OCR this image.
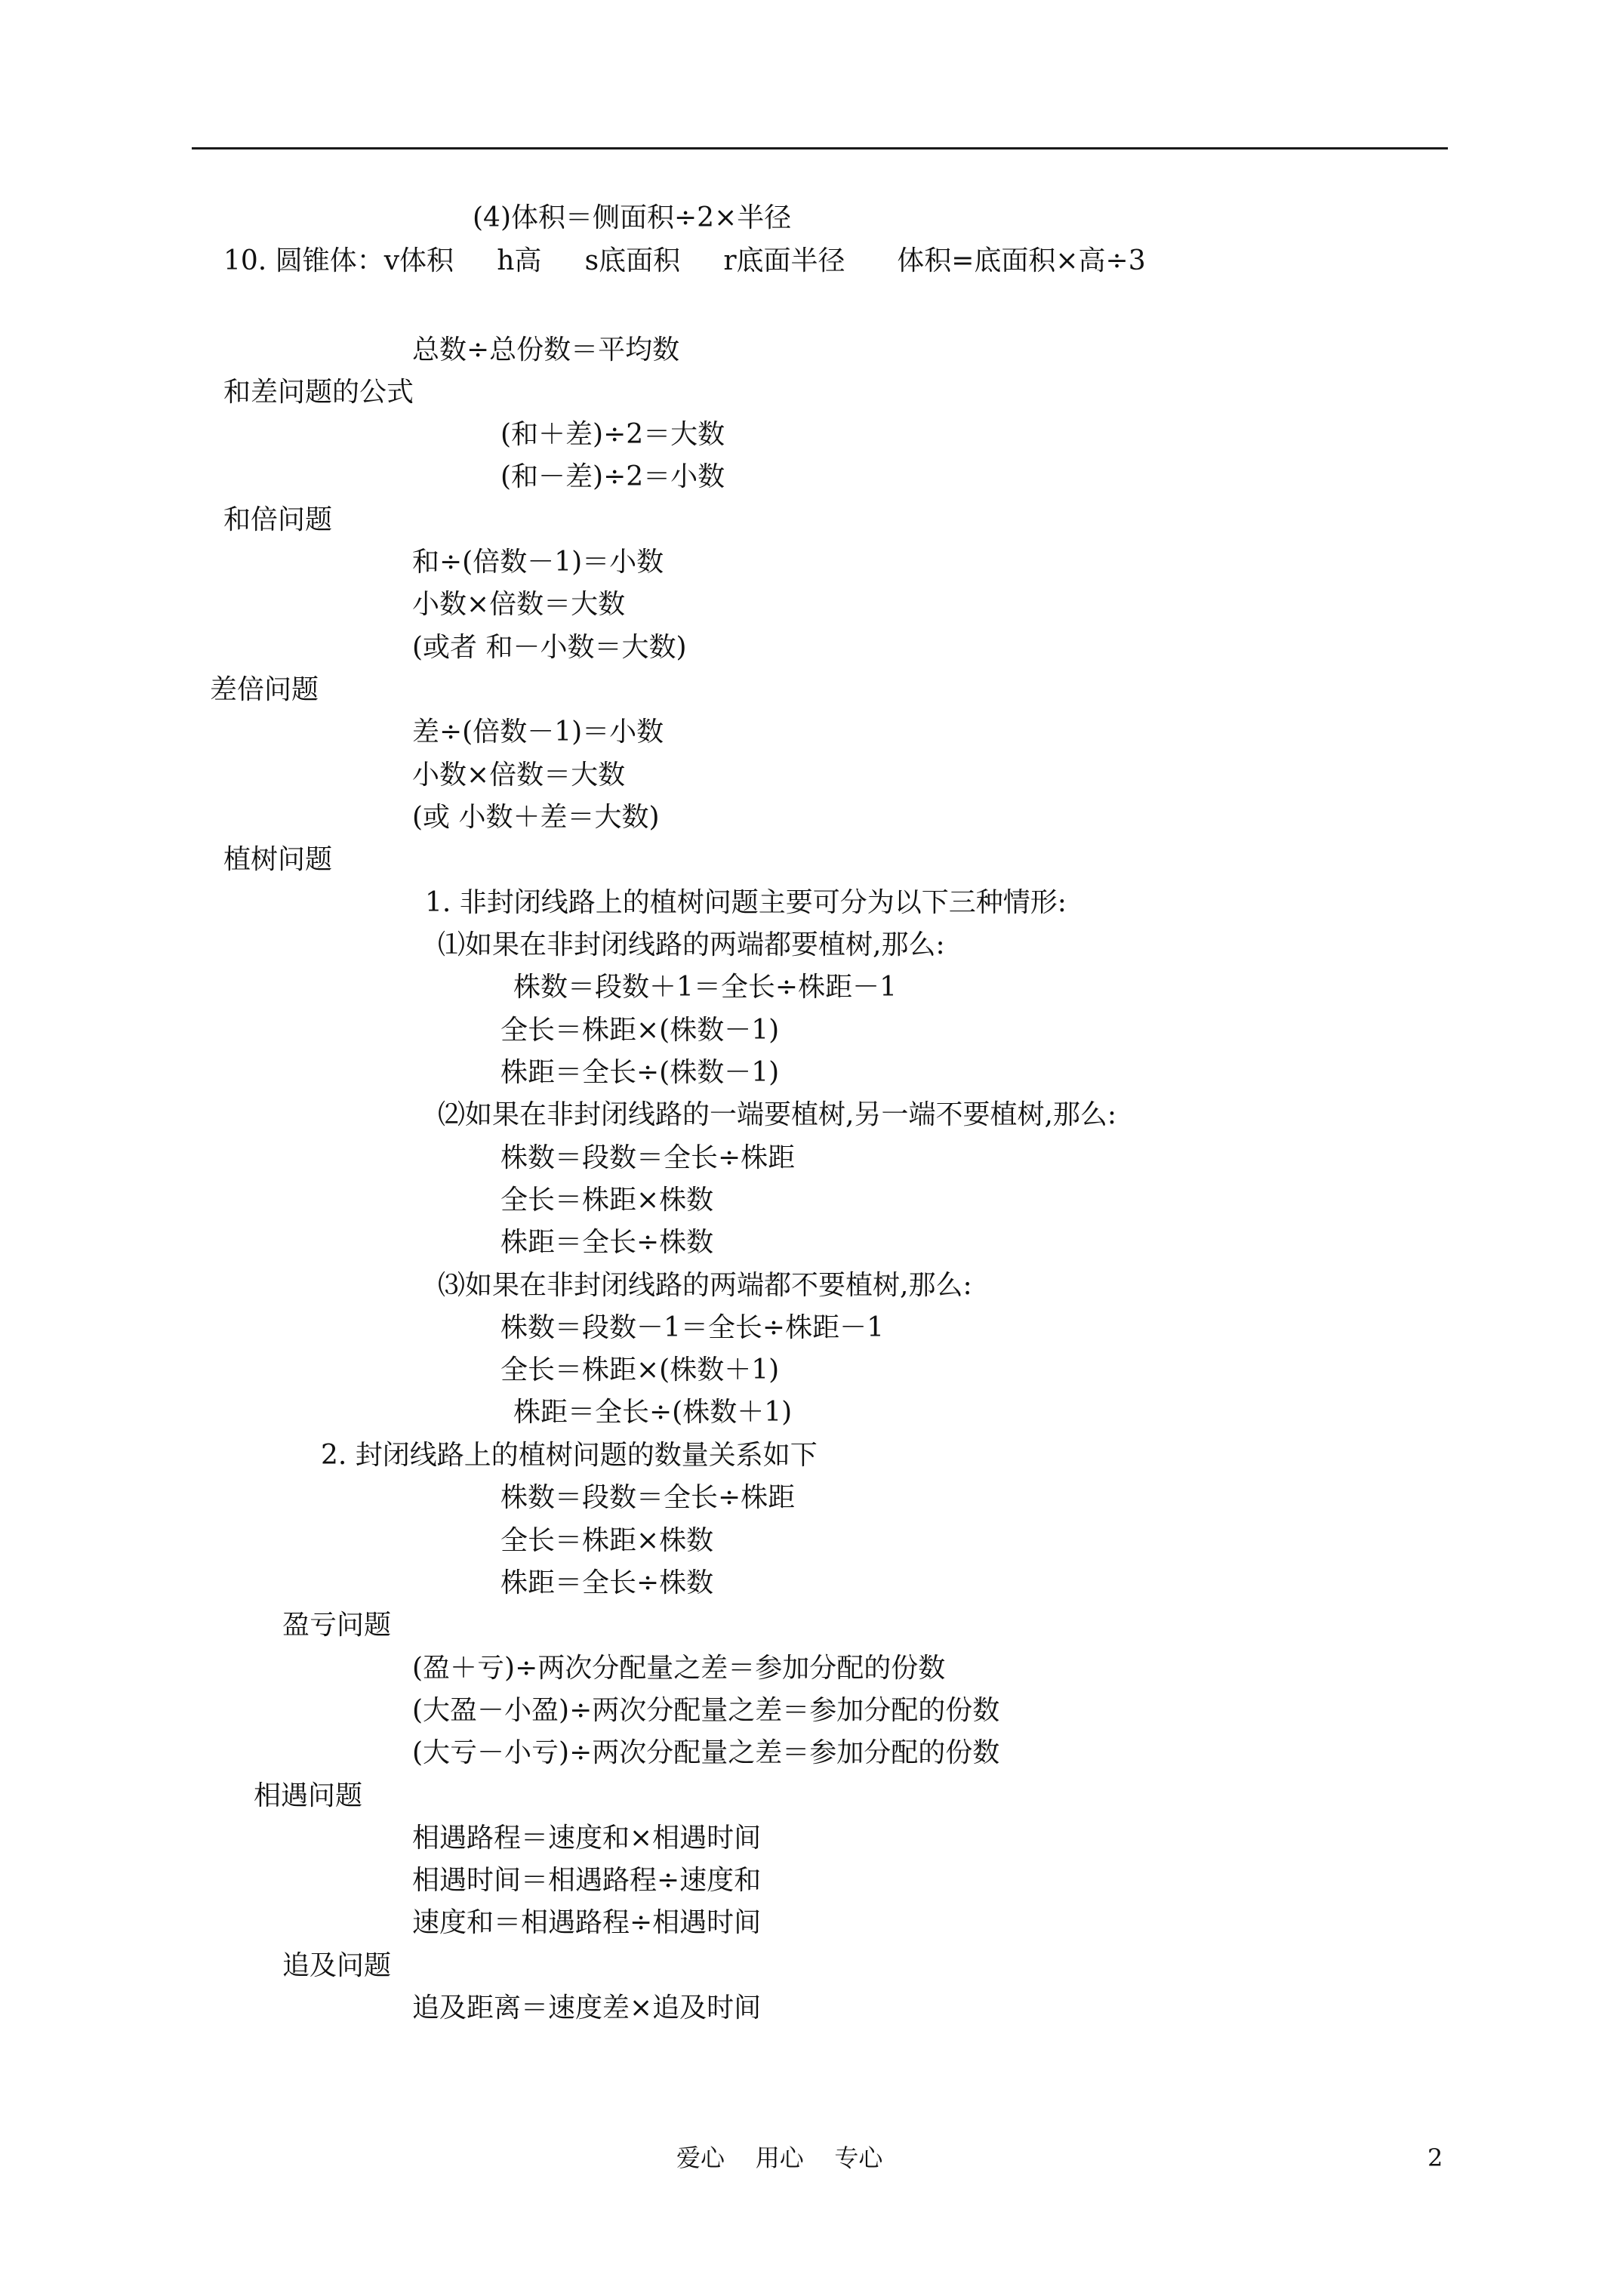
(4)体积＝侧面积÷2×半径
10. 圆锥体：v体积     h高     s底面积     r底面半径      体积=底面积×高÷3
总数÷总份数＝平均数
和差问题的公式
(和＋差)÷2＝大数
(和－差)÷2＝小数
和倍问题
和÷(倍数－1)＝小数
小数×倍数＝大数
(或者 和－小数＝大数)
差倍问题
差÷(倍数－1)＝小数
小数×倍数＝大数
(或 小数＋差＝大数)
植树问题
1. 非封闭线路上的植树问题主要可分为以下三种情形:
⑴如果在非封闭线路的两端都要植树,那么:
株数＝段数＋1＝全长÷株距－1
全长＝株距×(株数－1)
株距＝全长÷(株数－1)
⑵如果在非封闭线路的一端要植树,另一端不要植树,那么:
株数＝段数＝全长÷株距
全长＝株距×株数
株距＝全长÷株数
⑶如果在非封闭线路的两端都不要植树,那么:
株数＝段数－1＝全长÷株距－1
全长＝株距×(株数＋1)
株距＝全长÷(株数＋1)
2. 封闭线路上的植树问题的数量关系如下
株数＝段数＝全长÷株距
全长＝株距×株数
株距＝全长÷株数
盈亏问题
(盈＋亏)÷两次分配量之差＝参加分配的份数
(大盈－小盈)÷两次分配量之差＝参加分配的份数
(大亏－小亏)÷两次分配量之差＝参加分配的份数
相遇问题
相遇路程＝速度和×相遇时间
相遇时间＝相遇路程÷速度和
速度和＝相遇路程÷相遇时间
追及问题
追及距离＝速度差×追及时间
爱心    用心    专心	2
